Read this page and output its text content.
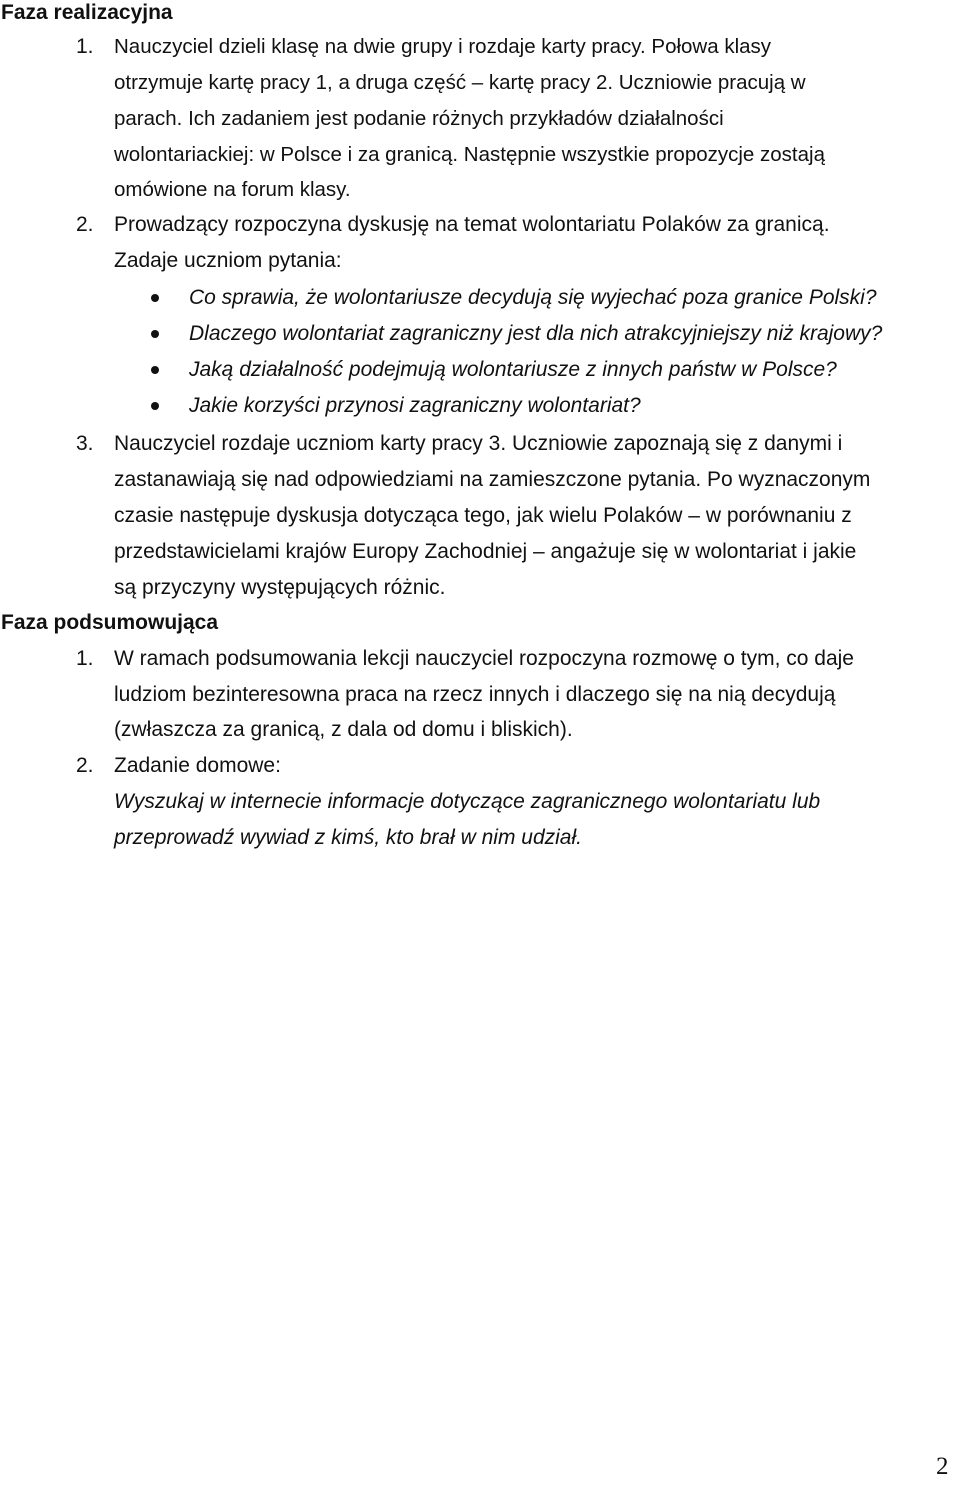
Faza realizacyjna
1. Nauczyciel dzieli klasę na dwie grupy i rozdaje karty pracy. Połowa klasy
otrzymuje kartę pracy 1, a druga część – kartę pracy 2. Uczniowie pracują w
parach. Ich zadaniem jest podanie różnych przykładów działalności
wolontariackiej: w Polsce i za granicą. Następnie wszystkie propozycje zostają
omówione na forum klasy.
2. Prowadzący rozpoczyna dyskusję na temat wolontariatu Polaków za granicą.
Zadaje uczniom pytania:
Co sprawia, że wolontariusze decydują się wyjechać poza granice Polski?
Dlaczego wolontariat zagraniczny jest dla nich atrakcyjniejszy niż krajowy?
Jaką działalność podejmują wolontariusze z innych państw w Polsce?
Jakie korzyści przynosi zagraniczny wolontariat?
3. Nauczyciel rozdaje uczniom karty pracy 3. Uczniowie zapoznają się z danymi i
zastanawiają się nad odpowiedziami na zamieszczone pytania. Po wyznaczonym
czasie następuje dyskusja dotycząca tego, jak wielu Polaków – w porównaniu z
przedstawicielami krajów Europy Zachodniej – angażuje się w wolontariat i jakie
są przyczyny występujących różnic.
Faza podsumowująca
1. W ramach podsumowania lekcji nauczyciel rozpoczyna rozmowę o tym, co daje
ludziom bezinteresowna praca na rzecz innych i dlaczego się na nią decydują
(zwłaszcza za granicą, z dala od domu i bliskich).
2. Zadanie domowe:
Wyszukaj w internecie informacje dotyczące zagranicznego wolontariatu lub
przeprowadź wywiad z kimś, kto brał w nim udział.
2
